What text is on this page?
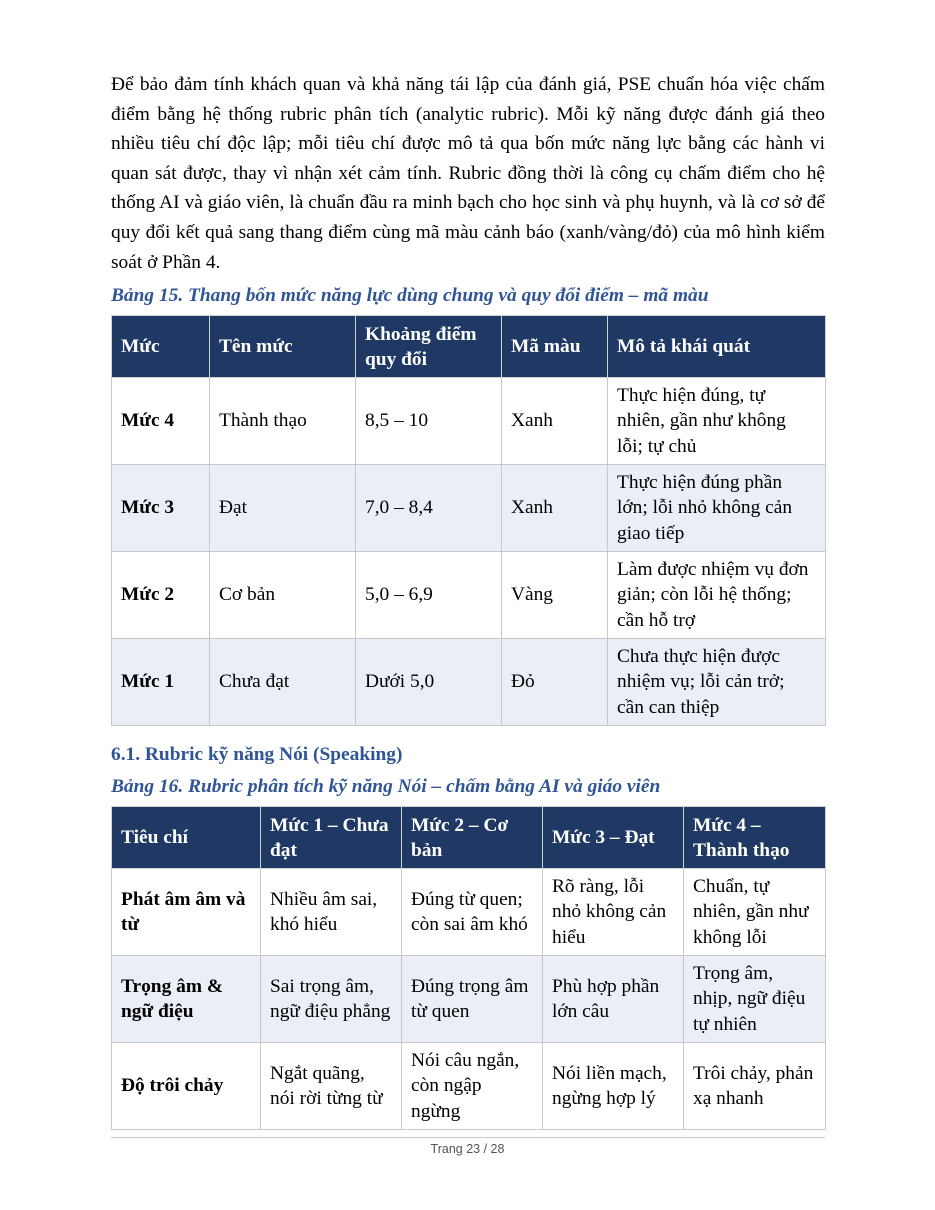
Để bảo đảm tính khách quan và khả năng tái lập của đánh giá, PSE chuẩn hóa việc chấm điểm bằng hệ thống rubric phân tích (analytic rubric). Mỗi kỹ năng được đánh giá theo nhiều tiêu chí độc lập; mỗi tiêu chí được mô tả qua bốn mức năng lực bằng các hành vi quan sát được, thay vì nhận xét cảm tính. Rubric đồng thời là công cụ chấm điểm cho hệ thống AI và giáo viên, là chuẩn đầu ra minh bạch cho học sinh và phụ huynh, và là cơ sở để quy đổi kết quả sang thang điểm cùng mã màu cảnh báo (xanh/vàng/đỏ) của mô hình kiểm soát ở Phần 4.

Bảng 15. Thang bốn mức năng lực dùng chung và quy đổi điểm – mã màu
Mức	Tên mức	Khoảng điểm quy đổi	Mã màu	Mô tả khái quát
Mức 4	Thành thạo	8,5 – 10	Xanh	Thực hiện đúng, tự nhiên, gần như không lỗi; tự chủ
Mức 3	Đạt	7,0 – 8,4	Xanh	Thực hiện đúng phần lớn; lỗi nhỏ không cản giao tiếp
Mức 2	Cơ bản	5,0 – 6,9	Vàng	Làm được nhiệm vụ đơn giản; còn lỗi hệ thống; cần hỗ trợ
Mức 1	Chưa đạt	Dưới 5,0	Đỏ	Chưa thực hiện được nhiệm vụ; lỗi cản trở; cần can thiệp
6.1. Rubric kỹ năng Nói (Speaking)
Bảng 16. Rubric phân tích kỹ năng Nói – chấm bằng AI và giáo viên
Tiêu chí	Mức 1 – Chưa đạt	Mức 2 – Cơ bản	Mức 3 – Đạt	Mức 4 – Thành thạo
Phát âm âm và từ	Nhiều âm sai, khó hiểu	Đúng từ quen; còn sai âm khó	Rõ ràng, lỗi nhỏ không cản hiểu	Chuẩn, tự nhiên, gần như không lỗi
Trọng âm & ngữ điệu	Sai trọng âm, ngữ điệu phẳng	Đúng trọng âm từ quen	Phù hợp phần lớn câu	Trọng âm, nhịp, ngữ điệu tự nhiên
Độ trôi chảy	Ngắt quãng, nói rời từng từ	Nói câu ngắn, còn ngập ngừng	Nói liền mạch, ngừng hợp lý	Trôi chảy, phản xạ nhanh
Trang 23 / 28
